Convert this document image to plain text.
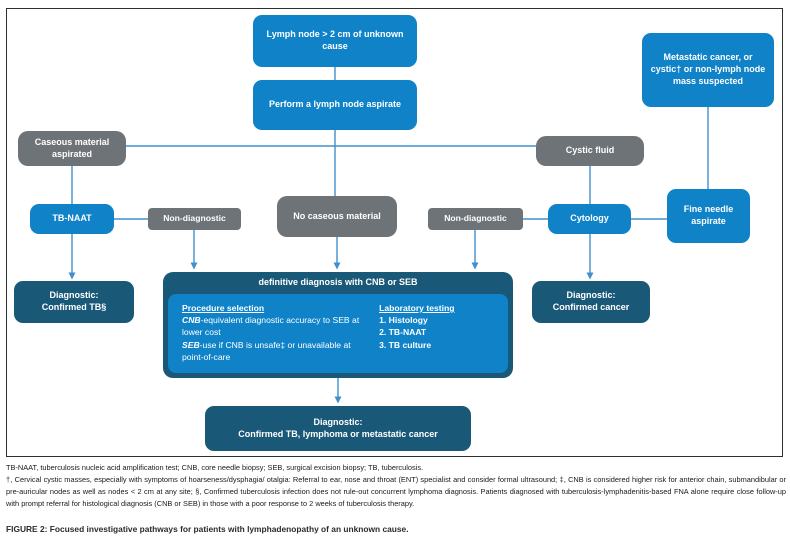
Lymph node > 2 cm of unknown cause
Perform a lymph node aspirate
Metastatic cancer, or cystic† or non-lymph node mass suspected
Caseous material aspirated	Cystic fluid
TB-NAAT	Non-diagnostic	No caseous material	Non-diagnostic	Cytology
Fine needle aspirate
Diagnostic:
Confirmed TB§
definitive diagnosis with CNB or SEB
Procedure selection
CNB-equivalent diagnostic accuracy to SEB at lower cost
SEB-use if CNB is unsafe‡ or unavailable at point-of-care
Laboratory testing
1. Histology
2. TB-NAAT
3. TB culture
Diagnostic:
Confirmed cancer
Diagnostic:
Confirmed TB, lymphoma or metastatic cancer
TB-NAAT, tuberculosis nucleic acid amplification test; CNB, core needle biopsy; SEB, surgical excision biopsy; TB, tuberculosis.
†, Cervical cystic masses, especially with symptoms of hoarseness/dysphagia/ otalgia: Referral to ear, nose and throat (ENT) specialist and consider formal ultrasound; ‡, CNB is considered higher risk for anterior chain, submandibular or pre-auricular nodes as well as nodes < 2 cm at any site; §, Confirmed tuberculosis infection does not rule-out concurrent lymphoma diagnosis. Patients diagnosed with tuberculosis-lymphadenitis-based FNA alone require close follow-up with prompt referral for histological diagnosis (CNB or SEB) in those with a poor response to 2 weeks of tuberculosis therapy.
FIGURE 2: Focused investigative pathways for patients with lymphadenopathy of an unknown cause.
